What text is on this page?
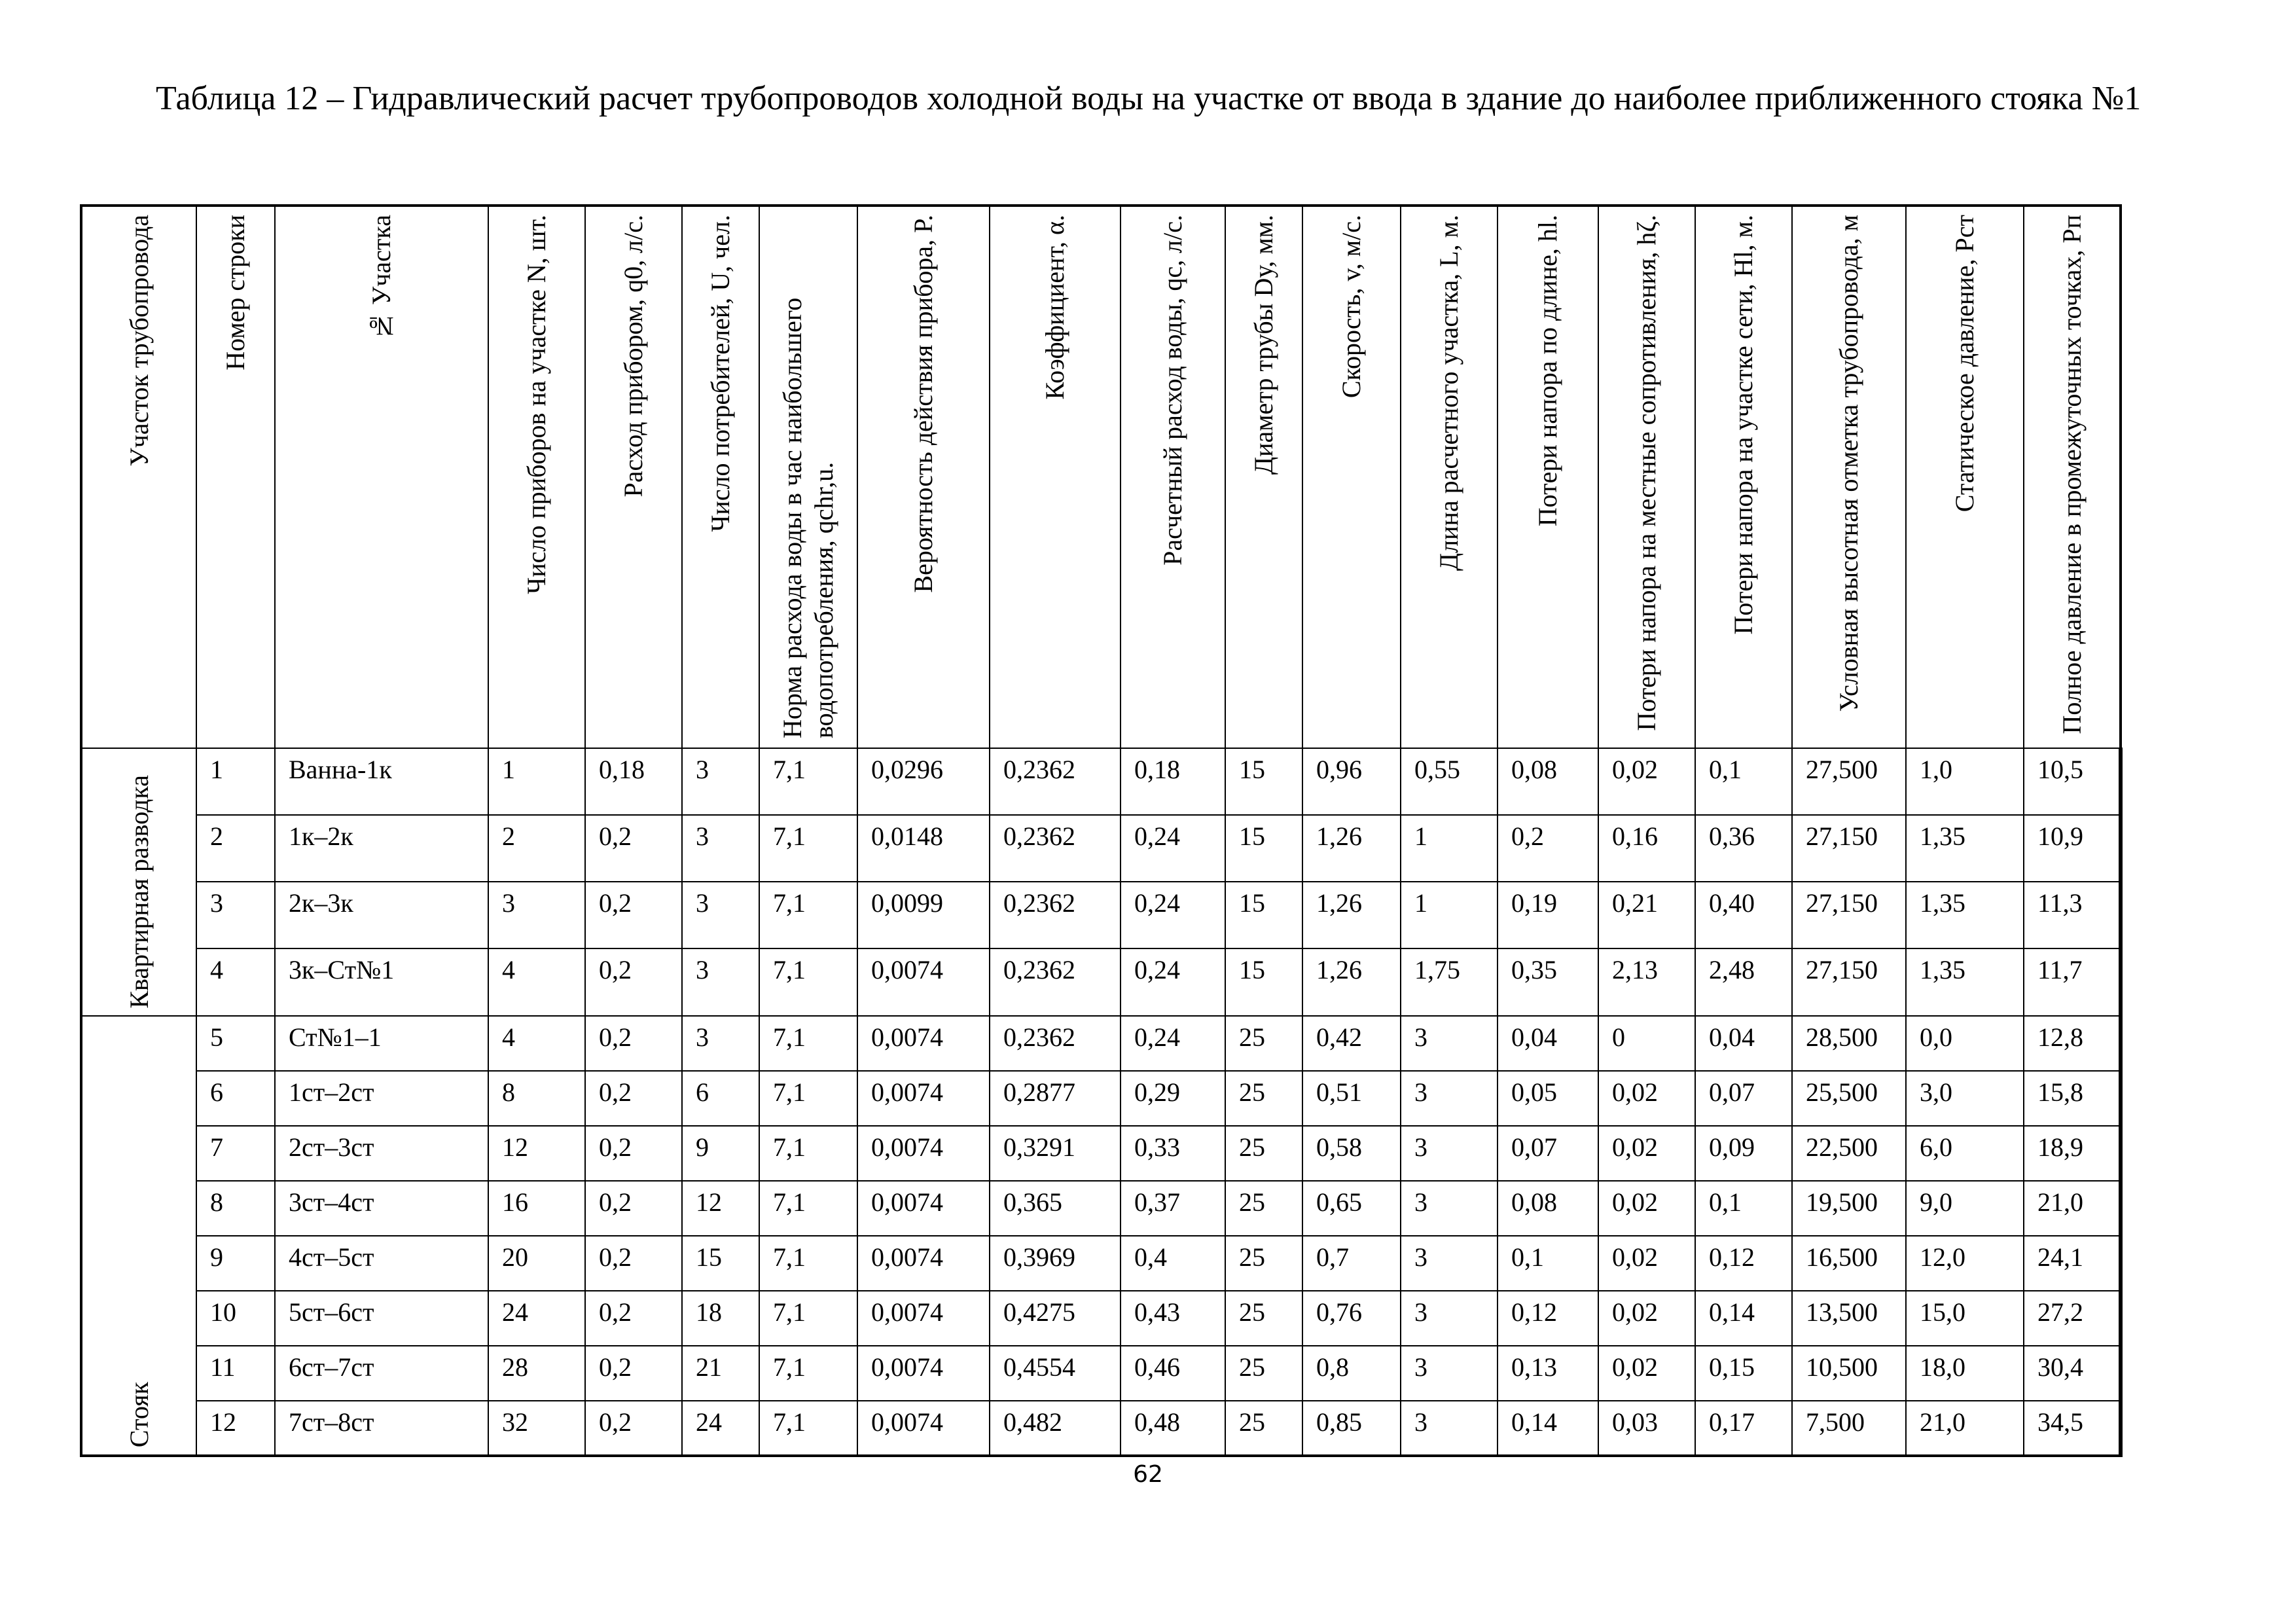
Таблица 12 – Гидравлический расчет трубопроводов холодной воды на участке от ввода в здание до наиболее приближенного стояка №1
Участок трубопровода	Номер строки	№ Участка	Число приборов на участке N, шт.	Расход прибором, q0, л/с.	Число потребителей, U, чел.	Норма расхода воды в час наибольшего водопотребления, qchr,u.	Вероятность действия прибора, P.	Коэффициент, α.	Расчетный расход воды, qc, л/с.	Диаметр трубы Dу, мм.	Скорость, v, м/с.	Длина расчетного участка, L, м.	Потери напора по длине, hl.	Потери напора на местные сопротивления, hζ.	Потери напора на участке сети, Hl, м.	Условная высотная отметка трубопровода, м	Статическое давление, Рст	Полное давление в промежуточных точках, Рп

Квартирная разводка	1	Ванна-1к	1	0,18	3	7,1	0,0296	0,2362	0,18	15	0,96	0,55	0,08	0,02	0,1	27,500	1,0	10,5
	2	1к–2к	2	0,2	3	7,1	0,0148	0,2362	0,24	15	1,26	1	0,2	0,16	0,36	27,150	1,35	10,9
	3	2к–3к	3	0,2	3	7,1	0,0099	0,2362	0,24	15	1,26	1	0,19	0,21	0,40	27,150	1,35	11,3
	4	3к–Ст№1	4	0,2	3	7,1	0,0074	0,2362	0,24	15	1,26	1,75	0,35	2,13	2,48	27,150	1,35	11,7
Стояк	5	Ст№1–1	4	0,2	3	7,1	0,0074	0,2362	0,24	25	0,42	3	0,04	0	0,04	28,500	0,0	12,8
	6	1ст–2ст	8	0,2	6	7,1	0,0074	0,2877	0,29	25	0,51	3	0,05	0,02	0,07	25,500	3,0	15,8
	7	2ст–3ст	12	0,2	9	7,1	0,0074	0,3291	0,33	25	0,58	3	0,07	0,02	0,09	22,500	6,0	18,9
	8	3ст–4ст	16	0,2	12	7,1	0,0074	0,365	0,37	25	0,65	3	0,08	0,02	0,1	19,500	9,0	21,0
	9	4ст–5ст	20	0,2	15	7,1	0,0074	0,3969	0,4	25	0,7	3	0,1	0,02	0,12	16,500	12,0	24,1
	10	5ст–6ст	24	0,2	18	7,1	0,0074	0,4275	0,43	25	0,76	3	0,12	0,02	0,14	13,500	15,0	27,2
	11	6ст–7ст	28	0,2	21	7,1	0,0074	0,4554	0,46	25	0,8	3	0,13	0,02	0,15	10,500	18,0	30,4
	12	7ст–8ст	32	0,2	24	7,1	0,0074	0,482	0,48	25	0,85	3	0,14	0,03	0,17	7,500	21,0	34,5
62
